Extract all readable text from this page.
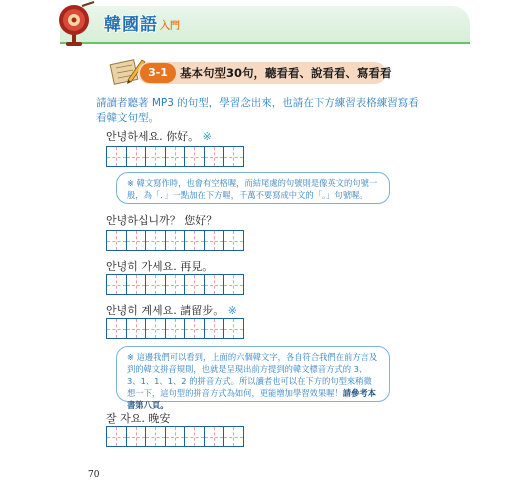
韓國語 入門
3-1	基本句型30句，聽看看、說看看、寫看看
請讀者聽著 MP3 的句型，學習念出來，也請在下方練習表格練習寫看看韓文句型。
안녕하세요. 你好。 ※

※ 韓文寫作時，也會有空格喔，而結尾處的句號則是像英文的句號一般，為「．」一點加在下方喔，千萬不要寫成中文的「。」句號喔。

안녕하십니까？ 您好？
안녕히 가세요. 再見。
안녕히 계세요. 請留步。 ※

※ 這邊我們可以看到，上面的六個韓文字，各自符合我們在前方言及到的韓文拼音規則，也就是呈現出前方提到的韓文標音方式的 3、3、1、1、1、2 的拼音方式。所以讀者也可以在下方的句型來稍微想一下，這句型的拼音方式為如何，更能增加學習效果喔！請參考本書第八頁。

잘 자요. 晚安
70
